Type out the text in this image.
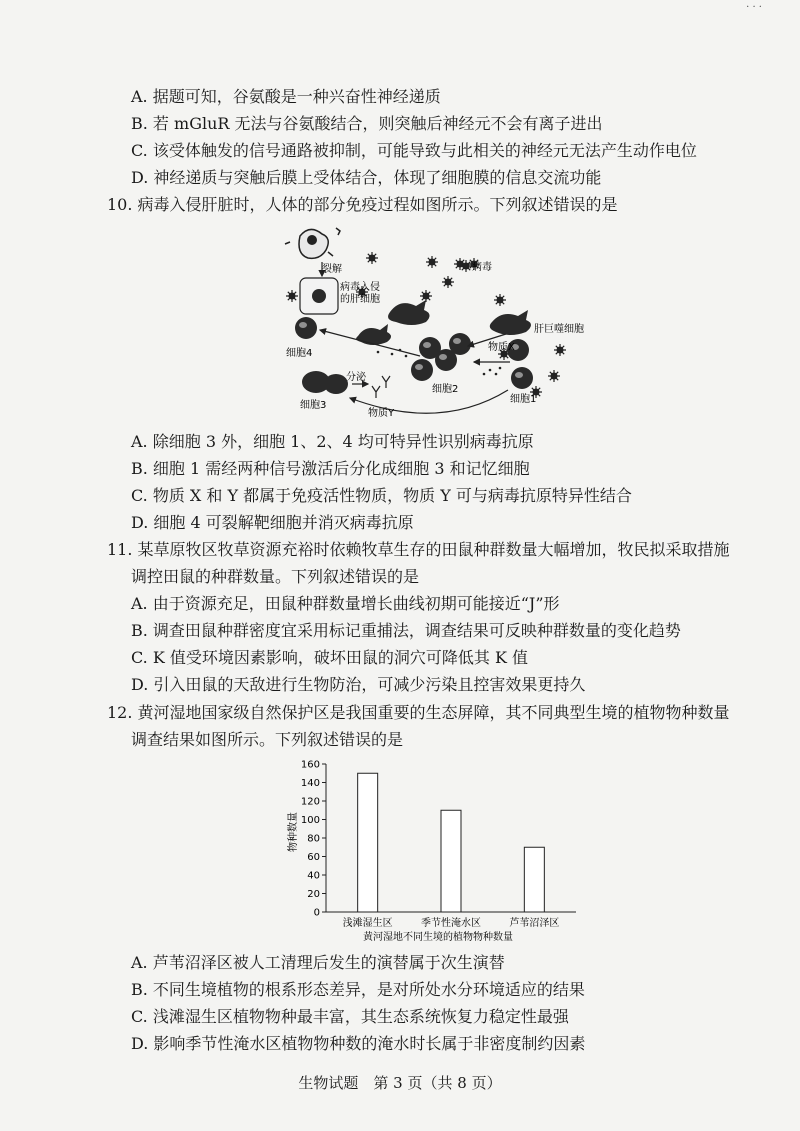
· · ·
A. 据题可知，谷氨酸是一种兴奋性神经递质
B. 若 mGluR 无法与谷氨酸结合，则突触后神经元不会有离子进出
C. 该受体触发的信号通路被抑制，可能导致与此相关的神经元无法产生动作电位
D. 神经递质与突触后膜上受体结合，体现了细胞膜的信息交流功能
10. 病毒入侵肝脏时，人体的部分免疫过程如图所示。下列叙述错误的是
裂解	病毒
病毒入侵
的肝细胞
肝巨噬细胞
物质X
细胞4
细胞2
细胞1
细胞3
分泌
物质Y
A. 除细胞 3 外，细胞 1、2、4 均可特异性识别病毒抗原
B. 细胞 1 需经两种信号激活后分化成细胞 3 和记忆细胞
C. 物质 X 和 Y 都属于免疫活性物质，物质 Y 可与病毒抗原特异性结合
D. 细胞 4 可裂解靶细胞并消灭病毒抗原
11. 某草原牧区牧草资源充裕时依赖牧草生存的田鼠种群数量大幅增加，牧民拟采取措施
调控田鼠的种群数量。下列叙述错误的是
A. 由于资源充足，田鼠种群数量增长曲线初期可能接近“J”形
B. 调查田鼠种群密度宜采用标记重捕法，调查结果可反映种群数量的变化趋势
C. K 值受环境因素影响，破坏田鼠的洞穴可降低其 K 值
D. 引入田鼠的天敌进行生物防治，可减少污染且控害效果更持久
12. 黄河湿地国家级自然保护区是我国重要的生态屏障，其不同典型生境的植物物种数量
调查结果如图所示。下列叙述错误的是
0
20
40
60
80
100
120
140
160
浅滩湿生区	季节性淹水区	芦苇沼泽区
物种数量
黄河湿地不同生境的植物物种数量
A. 芦苇沼泽区被人工清理后发生的演替属于次生演替
B. 不同生境植物的根系形态差异，是对所处水分环境适应的结果
C. 浅滩湿生区植物物种最丰富，其生态系统恢复力稳定性最强
D. 影响季节性淹水区植物物种数的淹水时长属于非密度制约因素
生物试题　第 3 页（共 8 页）
